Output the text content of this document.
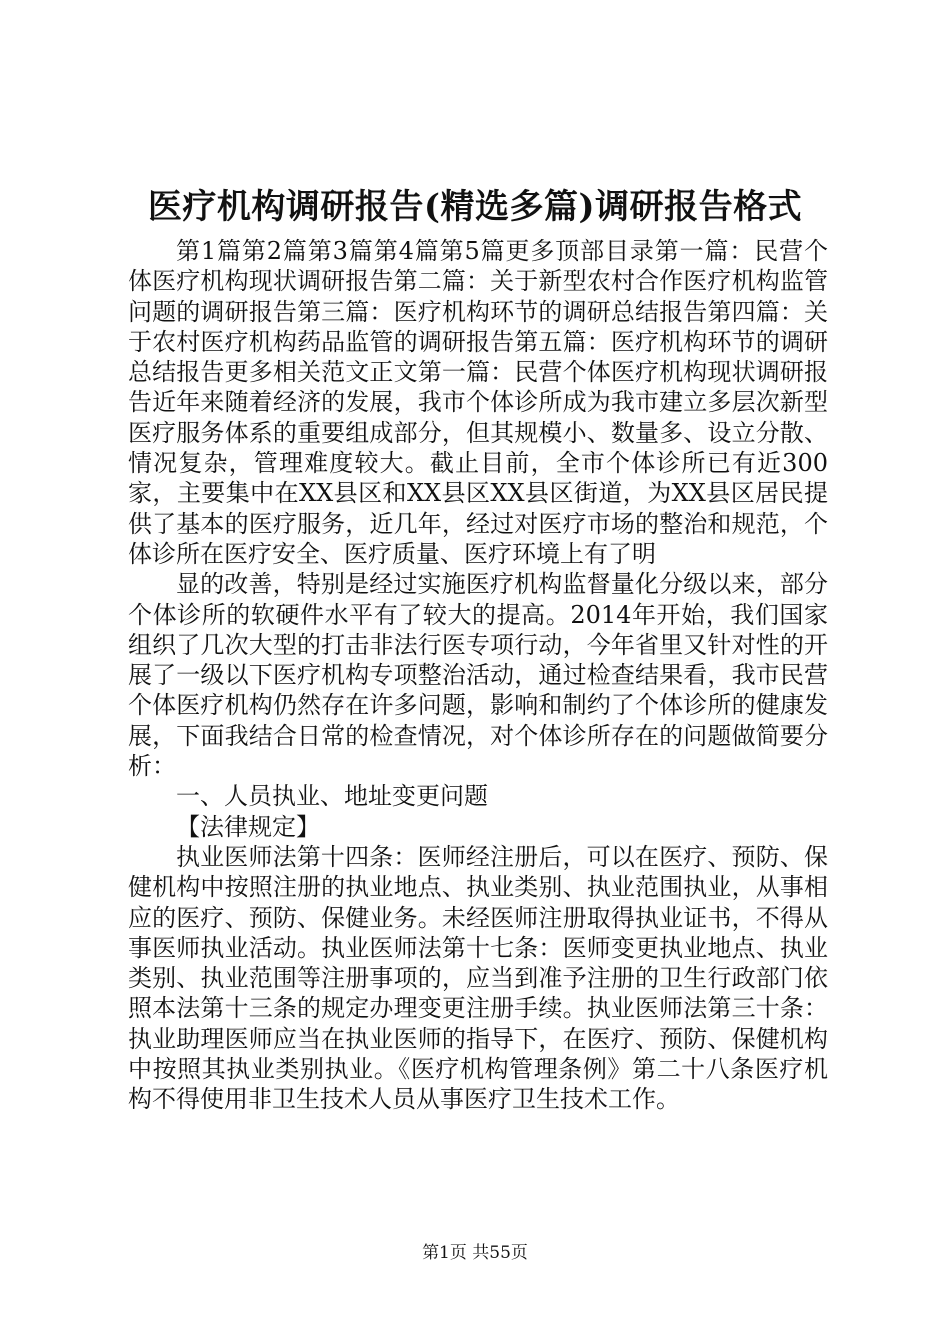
医疗机构调研报告(精选多篇)调研报告格式

第1篇第2篇第3篇第4篇第5篇更多顶部目录第一篇：民营个体医疗机构现状调研报告第二篇：关于新型农村合作医疗机构监管问题的调研报告第三篇：医疗机构环节的调研总结报告第四篇：关于农村医疗机构药品监管的调研报告第五篇：医疗机构环节的调研总结报告更多相关范文正文第一篇：民营个体医疗机构现状调研报告近年来随着经济的发展，我市个体诊所成为我市建立多层次新型医疗服务体系的重要组成部分，但其规模小、数量多、设立分散、情况复杂，管理难度较大。截止目前，全市个体诊所已有近300家，主要集中在XX县区和XX县区XX县区街道，为XX县区居民提供了基本的医疗服务，近几年，经过对医疗市场的整治和规范，个体诊所在医疗安全、医疗质量、医疗环境上有了明

显的改善，特别是经过实施医疗机构监督量化分级以来，部分个体诊所的软硬件水平有了较大的提高。2014年开始，我们国家组织了几次大型的打击非法行医专项行动，今年省里又针对性的开展了一级以下医疗机构专项整治活动，通过检查结果看，我市民营个体医疗机构仍然存在许多问题，影响和制约了个体诊所的健康发展，下面我结合日常的检查情况，对个体诊所存在的问题做简要分析：

一、人员执业、地址变更问题

【法律规定】

执业医师法第十四条：医师经注册后，可以在医疗、预防、保健机构中按照注册的执业地点、执业类别、执业范围执业，从事相应的医疗、预防、保健业务。未经医师注册取得执业证书，不得从事医师执业活动。执业医师法第十七条：医师变更执业地点、执业类别、执业范围等注册事项的，应当到准予注册的卫生行政部门依照本法第十三条的规定办理变更注册手续。执业医师法第三十条：执业助理医师应当在执业医师的指导下，在医疗、预防、保健机构中按照其执业类别执业。《医疗机构管理条例》第二十八条医疗机构不得使用非卫生技术人员从事医疗卫生技术工作。

第1页 共55页
